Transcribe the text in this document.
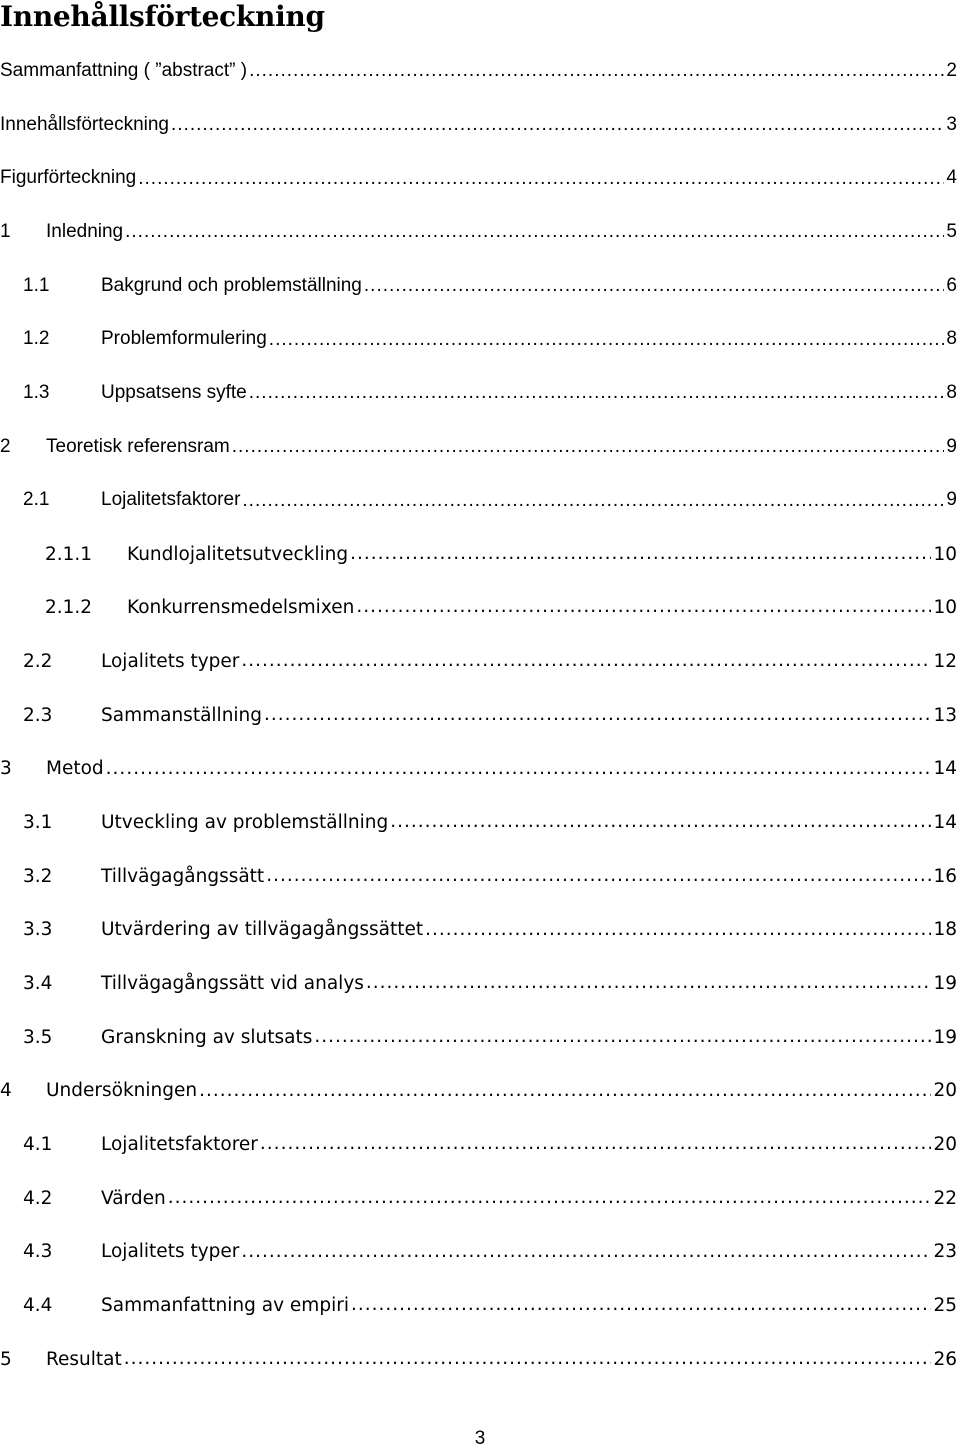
Innehållsförteckning
Sammanfattning ( ”abstract” ) .....	2
Innehållsförteckning .....	3
Figurförteckning .....	4
1	Inledning .....	5
1.1	Bakgrund och problemställning .....	6
1.2	Problemformulering .....	8
1.3	Uppsatsens syfte .....	8
2	Teoretisk referensram .....	9
2.1	Lojalitetsfaktorer .....	9
2.1.1	Kundlojalitetsutveckling .....	10
2.1.2	Konkurrensmedelsmixen .....	10
2.2	Lojalitets typer .....	12
2.3	Sammanställning .....	13
3	Metod .....	14
3.1	Utveckling av problemställning .....	14
3.2	Tillvägagångssätt .....	16
3.3	Utvärdering av tillvägagångssättet .....	18
3.4	Tillvägagångssätt vid analys .....	19
3.5	Granskning av slutsats .....	19
4	Undersökningen .....	20
4.1	Lojalitetsfaktorer .....	20
4.2	Värden .....	22
4.3	Lojalitets typer .....	23
4.4	Sammanfattning av empiri .....	25
5	Resultat .....	26
3
